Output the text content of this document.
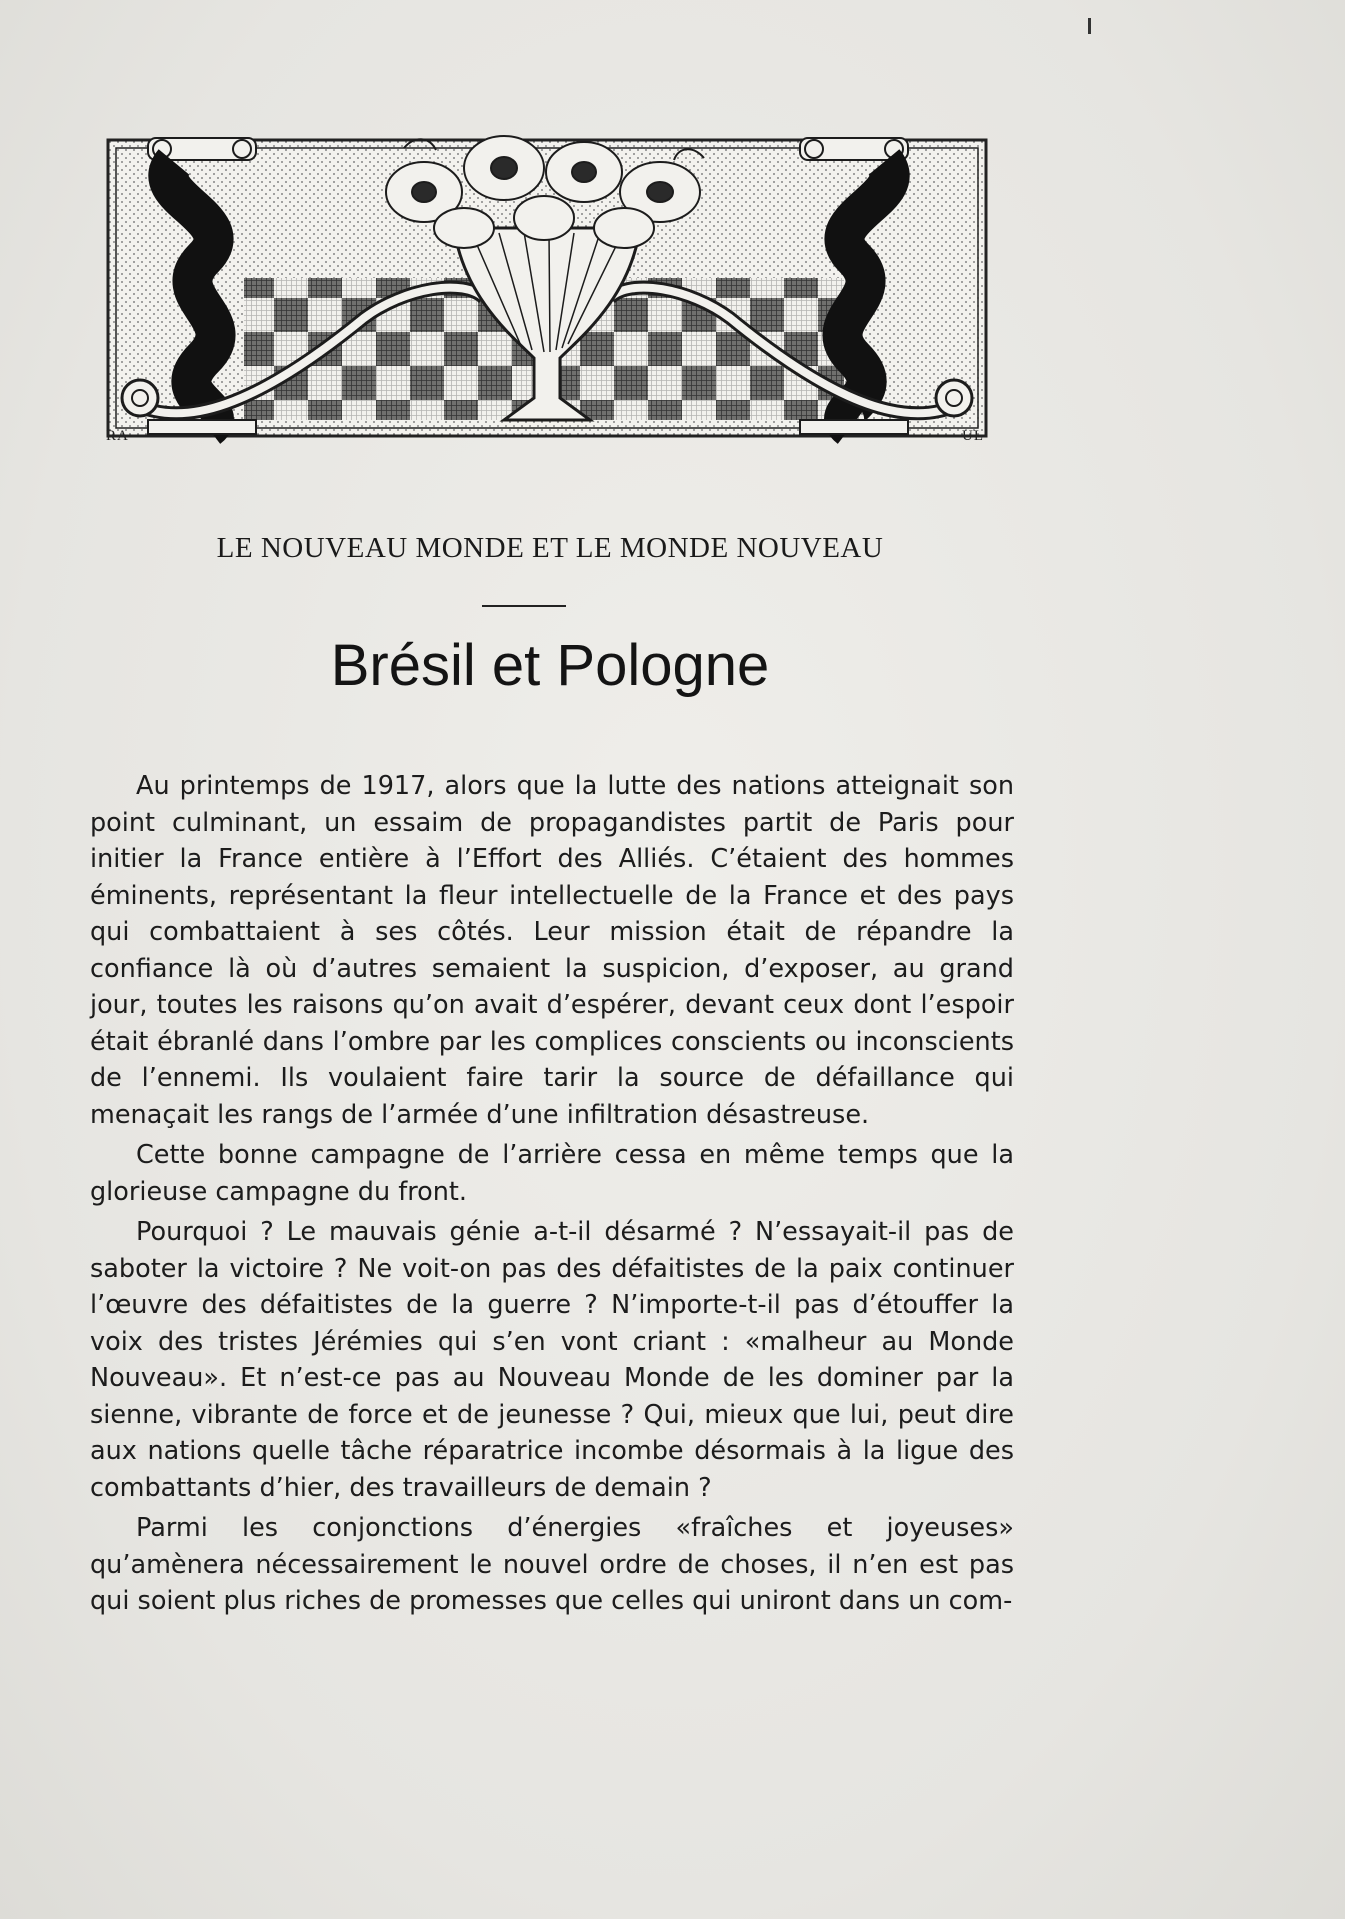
RA	UL
LE NOUVEAU MONDE ET LE MONDE NOUVEAU
Brésil et Pologne

Au printemps de 1917, alors que la lutte des nations atteignait son point culminant, un essaim de propagandistes partit de Paris pour initier la France entière à l’Effort des Alliés. C’étaient des hommes éminents, représentant la fleur intellectuelle de la France et des pays qui combattaient à ses côtés. Leur mission était de répandre la confiance là où d’autres semaient la suspicion, d’exposer, au grand jour, toutes les raisons qu’on avait d’espérer, devant ceux dont l’espoir était ébranlé dans l’ombre par les complices conscients ou inconscients de l’ennemi. Ils voulaient faire tarir la source de défaillance qui menaçait les rangs de l’armée d’une infiltration désastreuse.

Cette bonne campagne de l’arrière cessa en même temps que la glorieuse campagne du front.

Pourquoi ? Le mauvais génie a-t-il désarmé ? N’essayait-il pas de saboter la victoire ? Ne voit-on pas des défaitistes de la paix continuer l’œuvre des défaitistes de la guerre ? N’importe-t-il pas d’étouffer la voix des tristes Jérémies qui s’en vont criant : «malheur au Monde Nouveau». Et n’est-ce pas au Nouveau Monde de les dominer par la sienne, vibrante de force et de jeunesse ? Qui, mieux que lui, peut dire aux nations quelle tâche réparatrice incombe désormais à la ligue des combattants d’hier, des travailleurs de demain ?

Parmi les conjonctions d’énergies «fraîches et joyeuses» qu’amènera nécessairement le nouvel ordre de choses, il n’en est pas qui soient plus riches de promesses que celles qui uniront dans un com-
